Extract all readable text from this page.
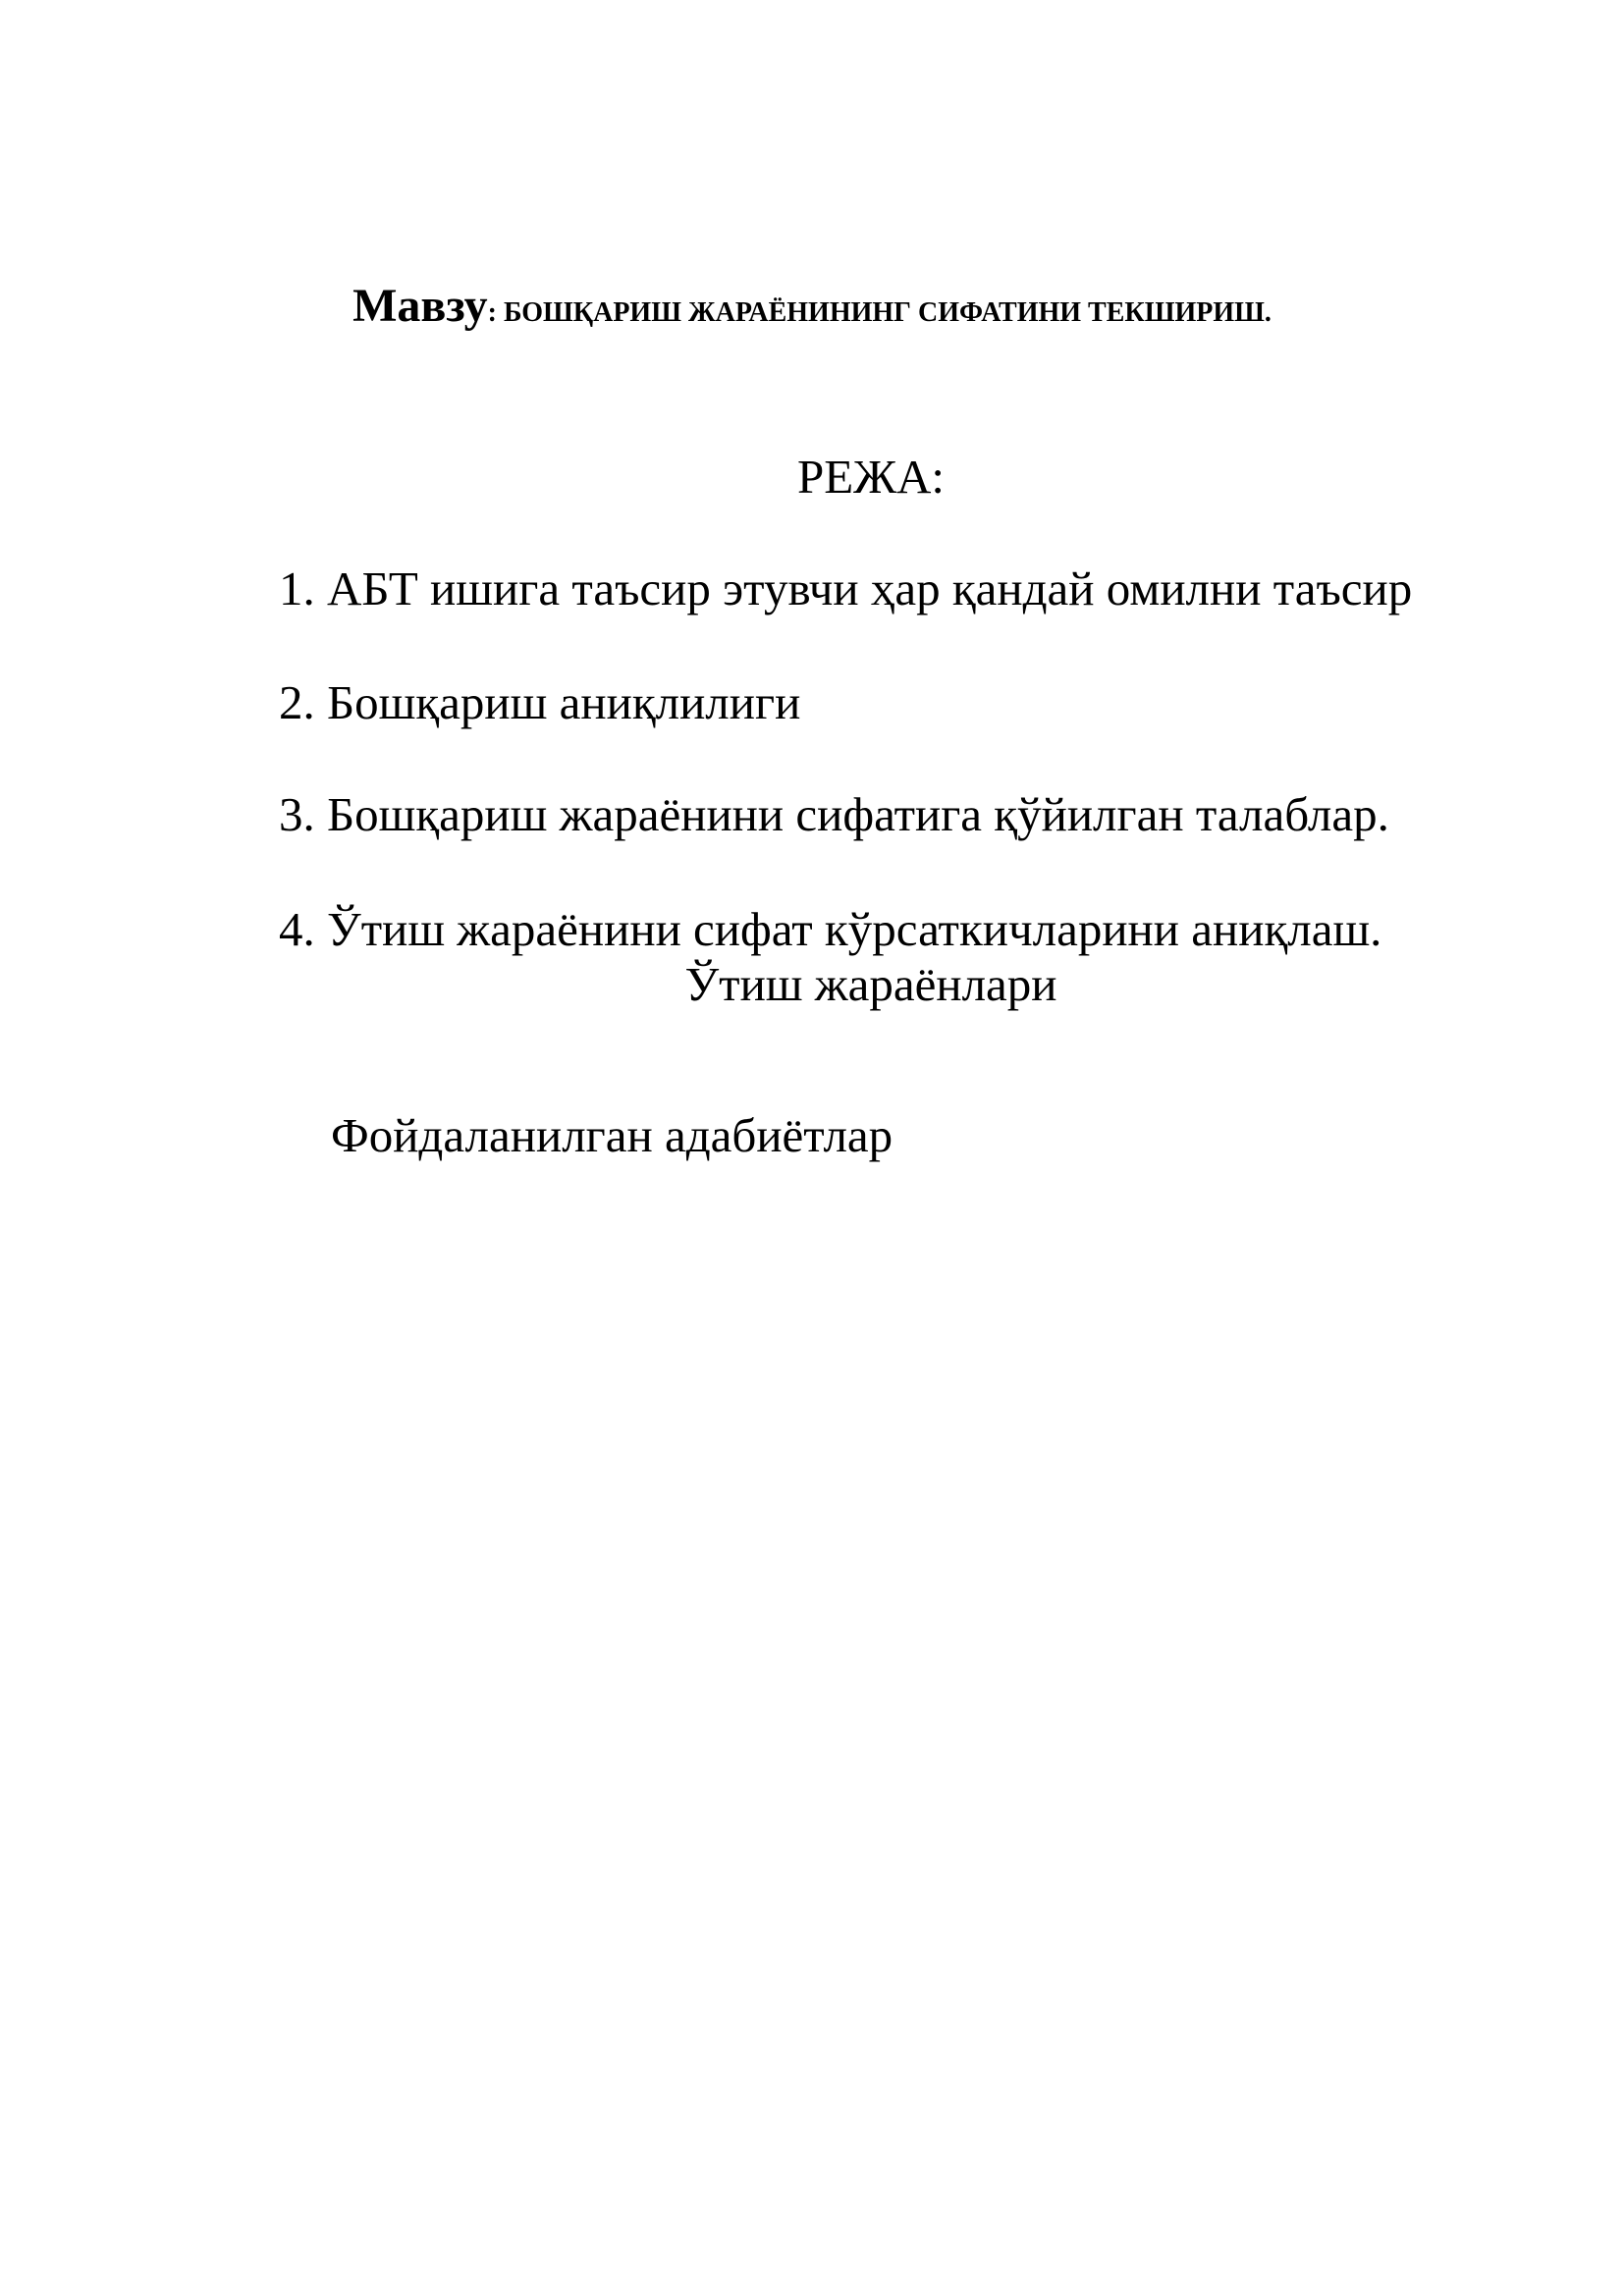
Мавзу: БОШҚАРИШ ЖАРАЁНИНИНГ СИФАТИНИ ТЕКШИРИШ.
РЕЖА:
1. АБТ ишига таъсир этувчи ҳар қандай омилни таъсир
2. Бошқариш аниқлилиги
3. Бошқариш жараёнини сифатига қўйилган талаблар.
4. Ўтиш жараёнини сифат кўрсаткичларини аниқлаш.
Ўтиш жараёнлари
Фойдаланилган адабиётлар
